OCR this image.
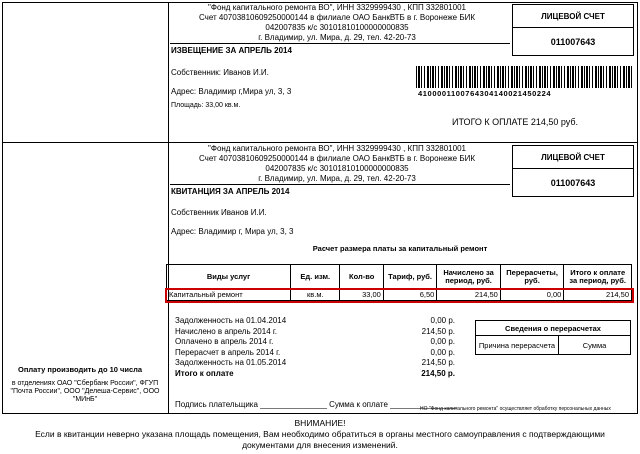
"Фонд капитального ремонта ВО", ИНН 3329999430 , КПП 332801001
Счет 40703810609250000144 в филиале ОАО БанкВТБ в г. Воронеже БИК
042007835 к/с 30101810100000000835
г. Владимир, ул. Мира, д. 29, тел. 42-20-73
ИЗВЕЩЕНИЕ ЗА АПРЕЛЬ 2014
Собственник: Иванов И.И.
Адрес: Владимир г,Мира ул, 3, 3
Площадь: 33,00 кв.м.
ЛИЦЕВОЙ СЧЕТ
011007643
4100001100764304140021450224
ИТОГО К ОПЛАТЕ 214,50 руб.
"Фонд капитального ремонта ВО", ИНН 3329999430 , КПП 332801001
Счет 40703810609250000144 в филиале ОАО БанкВТБ в г. Воронеже БИК
042007835 к/с 30101810100000000835
г. Владимир, ул. Мира, д. 29, тел. 42-20-73
КВИТАНЦИЯ ЗА АПРЕЛЬ 2014
Собственник Иванов И.И.
Адрес: Владимир г, Мира ул, 3, 3
ЛИЦЕВОЙ СЧЕТ
011007643
Расчет размера платы за капитальный ремонт
Виды услуг	Ед. изм.	Кол-во	Тариф, руб.	Начислено за период, руб.	Перерасчеты, руб.	Итого к оплате за период, руб.
Капитальный ремонт	кв.м.	33,00	6,50	214,50	0,00	214,50
Задолженность на 01.04.2014	0,00 р.
Начислено в апрель 2014 г.	214,50 р.
Оплачено в апрель 2014 г.	0,00 р.
Перерасчет в апрель 2014 г.	0,00 р.
Задолженность на 01.05.2014	214,50 р.
Итого к оплате	214,50 р.
Сведения о перерасчетах
Причина перерасчета	Сумма
Подпись плательщика _______________ Сумма к оплате _______________
НО "Фонд капитального ремонта" осуществляет обработку персональных данных
Оплату производить до 10 числа
в отделениях ОАО "Сбербанк России", ФГУП "Почта России", ООО "Делеша-Сервис", ООО "МИнБ"
ВНИМАНИЕ!
Если в квитанции неверно указана площадь помещения, Вам необходимо обратиться в органы местного самоуправления с подтверждающими
документами для внесения изменений.
